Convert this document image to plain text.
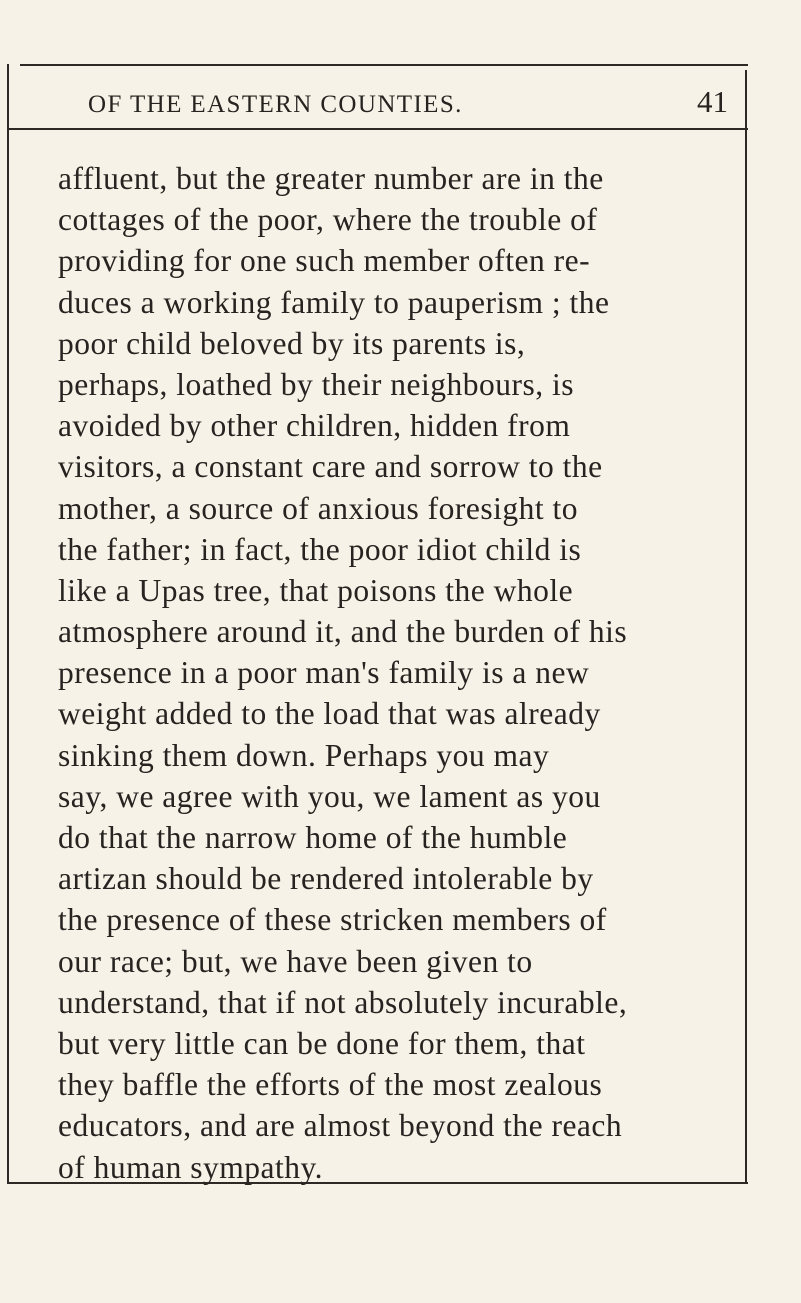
OF THE EASTERN COUNTIES.	41
affluent, but the greater number are in the
cottages of the poor, where the trouble of
providing for one such member often re-
duces a working family to pauperism ; the
poor child beloved by its parents is,
perhaps, loathed by their neighbours, is
avoided by other children, hidden from
visitors, a constant care and sorrow to the
mother, a source of anxious foresight to
the father; in fact, the poor idiot child is
like a Upas tree, that poisons the whole
atmosphere around it, and the burden of his
presence in a poor man's family is a new
weight added to the load that was already
sinking them down. Perhaps you may
say, we agree with you, we lament as you
do that the narrow home of the humble
artizan should be rendered intolerable by
the presence of these stricken members of
our race; but, we have been given to
understand, that if not absolutely incurable,
but very little can be done for them, that
they baffle the efforts of the most zealous
educators, and are almost beyond the reach
of human sympathy.
